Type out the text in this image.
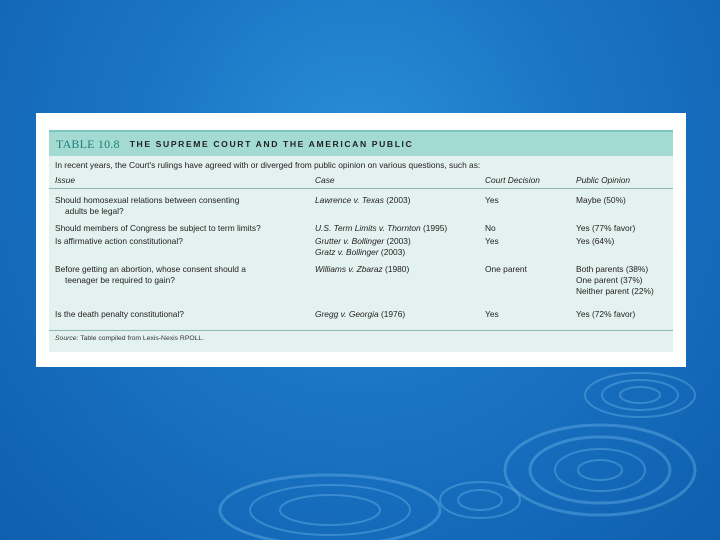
TABLE 10.8 THE SUPREME COURT AND THE AMERICAN PUBLIC
In recent years, the Court's rulings have agreed with or diverged from public opinion on various questions, such as:
Issue	Case	Court Decision	Public Opinion
Should homosexual relations between consenting
adults be legal?
Lawrence v. Texas (2003)	Yes	Maybe (50%)
Should members of Congress be subject to term limits?	U.S. Term Limits v. Thornton (1995)	No	Yes (77% favor)
Is affirmative action constitutional?	Grutter v. Bollinger (2003)
Gratz v. Bollinger (2003)
Yes	Yes (64%)
Before getting an abortion, whose consent should a
teenager be required to gain?
Williams v. Zbaraz (1980)	One parent	Both parents (38%)
One parent (37%)
Neither parent (22%)
Is the death penalty constitutional?	Gregg v. Georgia (1976)	Yes	Yes (72% favor)
Source: Table compiled from Lexis-Nexis RPOLL.
